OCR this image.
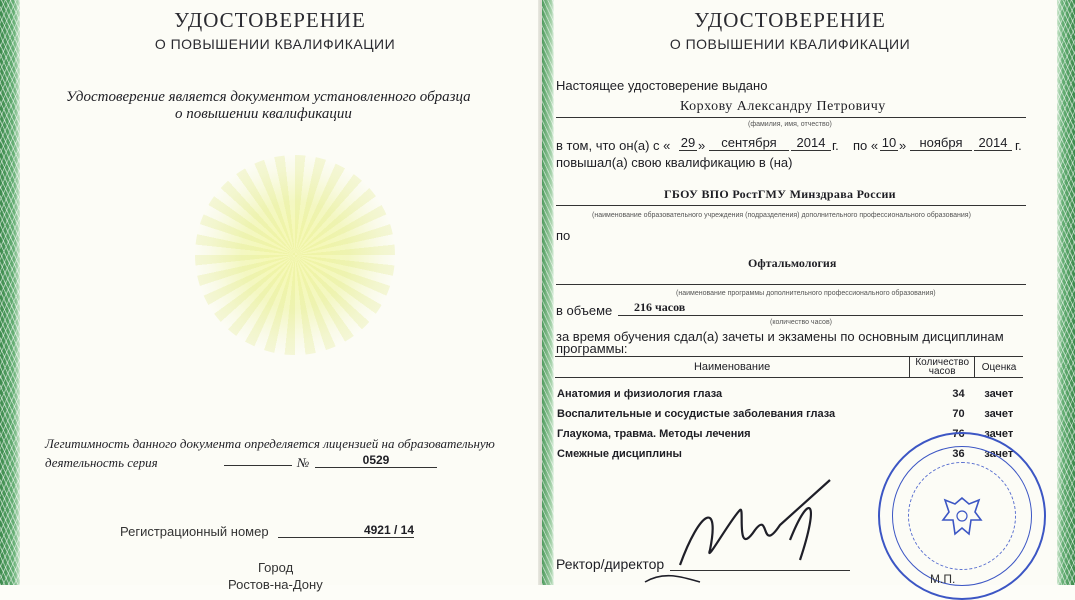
УДОСТОВЕРЕНИЕ
О ПОВЫШЕНИИ КВАЛИФИКАЦИИ
Удостоверение является документом установленного образца
о повышении квалификации
Легитимность данного документа определяется лицензией на образовательную
деятельность серия	№	0529
Регистрационный номер	4921 / 14
Город
Ростов-на-Дону
УДОСТОВЕРЕНИЕ
О ПОВЫШЕНИИ КВАЛИФИКАЦИИ
Настоящее удостоверение выдано
Корхову Александру Петровичу
(фамилия, имя, отчество)
в том, что он(а) с « 29 »	сентября	2014 г. по « 10 »	ноября	2014 г.
повышал(а) свою квалификацию в (на)
ГБОУ ВПО РостГМУ Минздрава России
(наименование образовательного учреждения (подразделения) дополнительного профессионального образования)
по
Офтальмология
(наименование программы дополнительного профессионального образования)
в объеме	216 часов
(количество часов)
за время обучения сдал(а) зачеты и экзамены по основным дисциплинам
программы:
Наименование	Количество часов	Оценка

Анатомия и физиология глаза	34	зачет
Воспалительные и сосудистые заболевания глаза	70	зачет
Глаукома, травма. Методы лечения	76	зачет
Смежные дисциплины	36	зачет
Ректор/директор
М.П.
